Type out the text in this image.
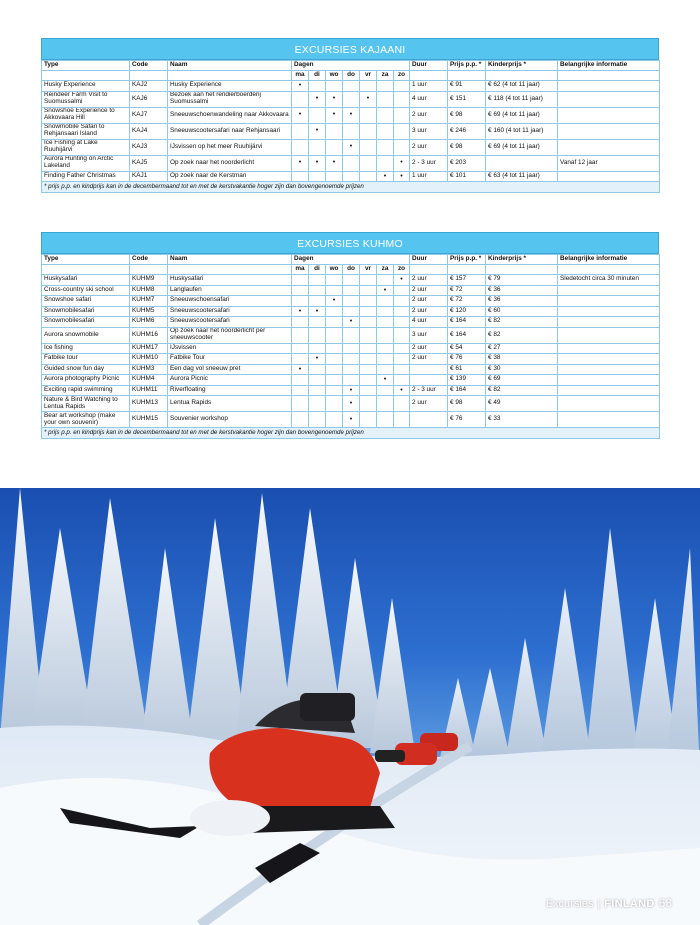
EXCURSIES KAJAANI
Type	Code	Naam	Dagen							Duur	Prijs p.p. *	Kinderprijs *	Belangrijke informatie
			ma	di	wo	do	vr	za	zo				
Husky Experience	KAJ2	Husky Experience	•							1 uur	€ 91	€ 62 (4 tot 11 jaar)	
Reindeer Farm Visit to Suomussalmi	KAJ6	Bezoek aan het rendierboerderij Suomussalmi		•	•		•			4 uur	€ 151	€ 118 (4 tot 11 jaar)	
Snowshoe Experience to Akkovaara Hill	KAJ7	Sneeuwschoenwandeling naar Akkovaara	•		•	•				2 uur	€ 98	€ 69 (4 tot 11 jaar)	
Snowmobile Safari to Rehjansaari Island	KAJ4	Sneeuwscootersafari naar Rehjansaari		•						3 uur	€ 246	€ 160 (4 tot 11 jaar)	
Ice Fishing at Lake Ruuhijärvi	KAJ3	IJsvissen op het meer Ruuhijärvi				•				2 uur	€ 98	€ 69 (4 tot 11 jaar)	
Aurora Hunting on Arctic Lakeland	KAJ5	Op zoek naar het noorderlicht	•	•	•				•	2 - 3 uur	€ 203		Vanaf 12 jaar
Finding Father Christmas	KAJ1	Op zoek naar de Kerstman						•	•	1 uur	€ 101	€ 63 (4 tot 11 jaar)	
* prijs p.p. en kindprijs kan in de decembermaand tot en met de kerstvakantie hoger zijn dan bovengenoemde prijzen													
EXCURSIES KUHMO
Type	Code	Naam	Dagen							Duur	Prijs p.p. *	Kinderprijs *	Belangrijke informatie
			ma	di	wo	do	vr	za	zo				
Huskysafari	KUHM9	Huskysafari							•	2 uur	€ 157	€ 79	Sledetocht circa 30 minuten
Cross-country ski school	KUHM8	Langlaufen						•		2 uur	€ 72	€ 36	
Snowshoe safari	KUHM7	Sneeuwschoensafari			•					2 uur	€ 72	€ 36	
Snowmobilesafari	KUHM5	Sneeuwscootersafari	•	•						2 uur	€ 120	€ 60	
Snowmobilesafari	KUHM6	Sneeuwscootersafari				•				4 uur	€ 164	€ 82	
Aurora snowmobile	KUHM16	Op zoek naar het noorderlicht per sneeuwscooter								3 uur	€ 164	€ 82	
Ice fishing	KUHM17	IJsvissen								2 uur	€ 54	€ 27	
Fatbike tour	KUHM10	Fatbike Tour		•						2 uur	€ 76	€ 38	
Guided snow fun day	KUHM3	Een dag vol sneeuw pret	•								€ 61	€ 30	
Aurora photography Picnic	KUHM4	Aurora Picnic						•			€ 139	€ 69	
Exciting rapid swimming	KUHM11	Riverfloating				•			•	2 - 3 uur	€ 164	€ 82	
Nature & Bird Watching to Lentua Rapids	KUHM13	Lentua Rapids				•				2 uur	€ 98	€ 49	
Bear art workshop (make your own souvenir)	KUHM15	Souvenier workshop				•					€ 76	€ 33	
* prijs p.p. en kindprijs kan in de decembermaand tot en met de kerstvakantie hoger zijn dan bovengenoemde prijzen													
Excursies | FINLAND 63
